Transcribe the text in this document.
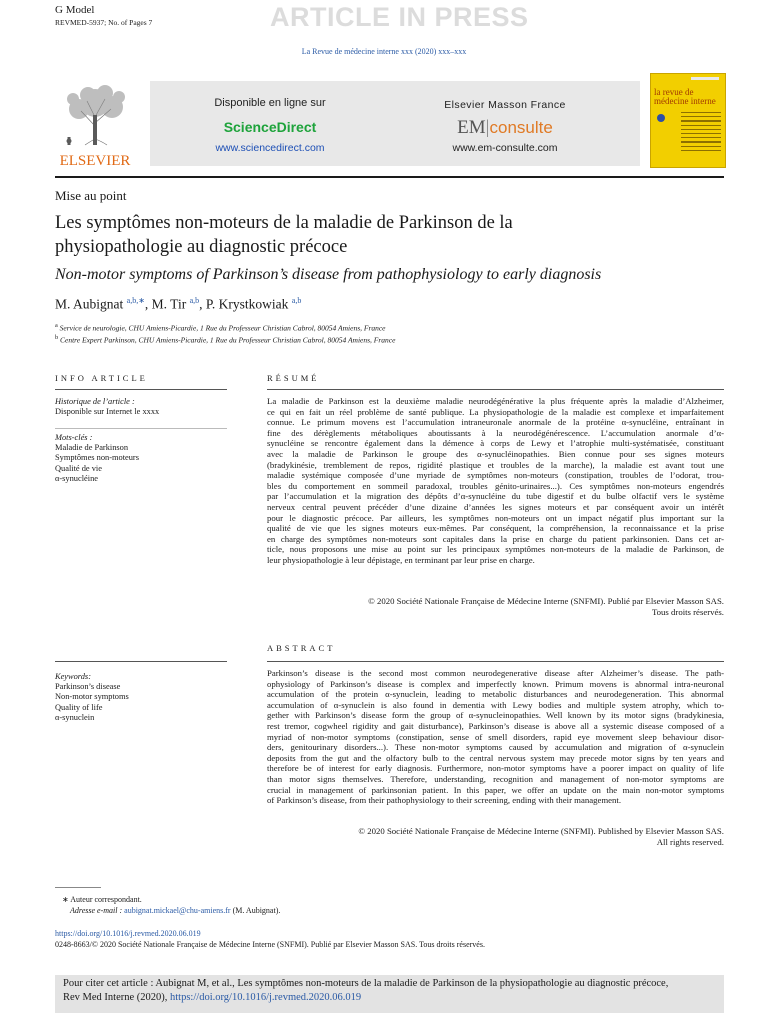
G Model
REVMED-5937; No. of Pages 7	ARTICLE IN PRESS
La Revue de médecine interne xxx (2020) xxx–xxx
ELSEVIER
Disponible en ligne sur
ScienceDirect
www.sciencedirect.com
Elsevier Masson France
EM|consulte
www.em-consulte.com
la revue de
médecine interne
Mise au point
Les symptômes non-moteurs de la maladie de Parkinson de la
physiopathologie au diagnostic précoce
Non-motor symptoms of Parkinson’s disease from pathophysiology to early diagnosis
M. Aubignat $^{a,b,∗}$, M. Tir $^{a,b}$, P. Krystkowiak $^{a,b}$
$^a$ Service de neurologie, CHU Amiens-Picardie, 1 Rue du Professeur Christian Cabrol, 80054 Amiens, France
$^b$ Centre Expert Parkinson, CHU Amiens-Picardie, 1 Rue du Professeur Christian Cabrol, 80054 Amiens, France
INFO ARTICLE
Historique de l’article :
Disponible sur Internet le xxxx
Mots-clés :
Maladie de Parkinson
Symptômes non-moteurs
Qualité de vie
α-synucléine
RÉSUMÉ
La maladie de Parkinson est la deuxième maladie neurodégénérative la plus fréquente après la maladie d’Alzheimer,
ce qui en fait un réel problème de santé publique. La physiopathologie de la maladie est complexe et imparfaitement
connue. Le primum movens est l’accumulation intraneuronale anormale de la protéine α-synucléine, entraînant in
fine des dérèglements métaboliques aboutissants à la neurodégénérescence. L’accumulation anormale d’α-
synucléine se rencontre également dans la démence à corps de Lewy et l’atrophie multi-systématisée, constituant
avec la maladie de Parkinson le groupe des α-synucléinopathies. Bien connue pour ses signes moteurs
(bradykinésie, tremblement de repos, rigidité plastique et troubles de la marche), la maladie est avant tout une
maladie systémique composée d’une myriade de symptômes non-moteurs (constipation, troubles de l’odorat, trou-
bles du comportement en sommeil paradoxal, troubles génito-urinaires...). Ces symptômes non-moteurs engendrés
par l’accumulation et la migration des dépôts d’α-synucléine du tube digestif et du bulbe olfactif vers le système
nerveux central peuvent précéder d’une dizaine d’années les signes moteurs et par conséquent avoir un intérêt
pour le diagnostic précoce. Par ailleurs, les symptômes non-moteurs ont un impact négatif plus important sur la
qualité de vie que les signes moteurs eux-mêmes. Par conséquent, la compréhension, la reconnaissance et la prise
en charge des symptômes non-moteurs sont capitales dans la prise en charge du patient parkinsonien. Dans cet ar-
ticle, nous proposons une mise au point sur les principaux symptômes non-moteurs de la maladie de Parkinson, de
leur physiopathologie à leur dépistage, en terminant par leur prise en charge.
© 2020 Société Nationale Française de Médecine Interne (SNFMI). Publié par Elsevier Masson SAS.
Tous droits réservés.
ABSTRACT
Keywords:
Parkinson’s disease
Non-motor symptoms
Quality of life
α-synuclein
Parkinson’s disease is the second most common neurodegenerative disease after Alzheimer’s disease. The path-
ophysiology of Parkinson’s disease is complex and imperfectly known. Primum movens is abnormal intra-neuronal
accumulation of the protein α-synuclein, leading to metabolic disturbances and neurodegeneration. This abnormal
accumulation of α-synuclein is also found in dementia with Lewy bodies and multiple system atrophy, which to-
gether with Parkinson’s disease form the group of α-synucleinopathies. Well known by its motor signs (bradykinesia,
rest tremor, cogwheel rigidity and gait disturbance), Parkinson’s disease is above all a systemic disease composed of a
myriad of non-motor symptoms (constipation, sense of smell disorders, rapid eye movement sleep behaviour disor-
ders, genitourinary disorders...). These non-motor symptoms caused by accumulation and migration of α-synuclein
deposits from the gut and the olfactory bulb to the central nervous system may precede motor signs by ten years and
therefore be of interest for early diagnosis. Furthermore, non-motor symptoms have a poorer impact on quality of life
than motor signs themselves. Therefore, understanding, recognition and management of non-motor symptoms are
crucial in management of parkinsonian patient. In this paper, we offer an update on the main non-motor symptoms
of Parkinson’s disease, from their pathophysiology to their screening, ending with their management.
© 2020 Société Nationale Française de Médecine Interne (SNFMI). Published by Elsevier Masson SAS.
All rights reserved.
∗ Auteur correspondant.
Adresse e-mail : aubignat.mickael@chu-amiens.fr (M. Aubignat).
https://doi.org/10.1016/j.revmed.2020.06.019
0248-8663/© 2020 Société Nationale Française de Médecine Interne (SNFMI). Publié par Elsevier Masson SAS. Tous droits réservés.
Pour citer cet article : Aubignat M, et al., Les symptômes non-moteurs de la maladie de Parkinson de la physiopathologie au diagnostic précoce,
Rev Med Interne (2020), https://doi.org/10.1016/j.revmed.2020.06.019
